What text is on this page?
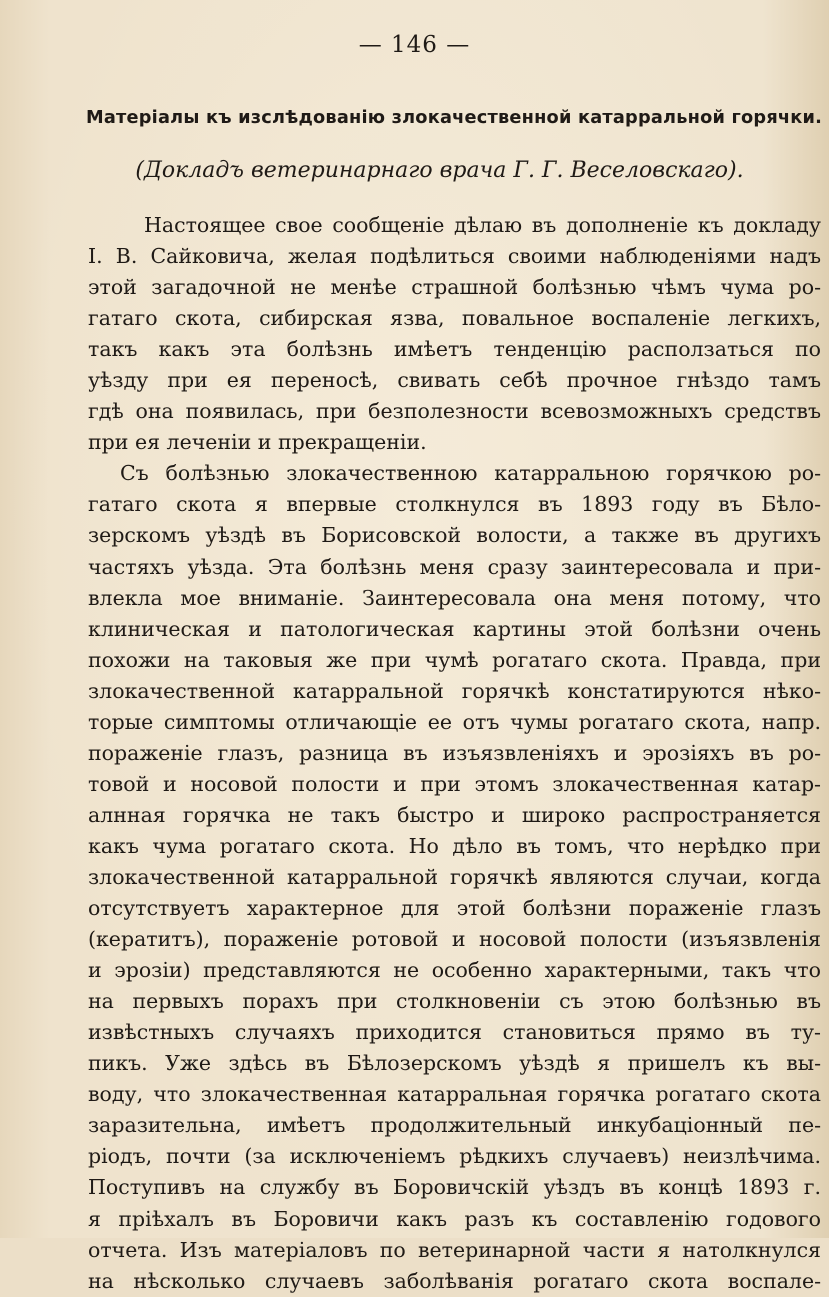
— 146 —
Матеріалы къ изслѣдованію злокачественной катарральной горячки.
(Докладъ ветеринарнаго врача Г. Г. Веселовскаго).
Настоящее свое сообщеніе дѣлаю въ дополненіе къ докладу
I. В. Сайковича, желая подѣлиться своими наблюденіями надъ
этой загадочной не менѣе страшной болѣзнью чѣмъ чума ро-
гатаго скота, сибирская язва, повальное воспаленіе легкихъ,
такъ какъ эта болѣзнь имѣетъ тенденцію расползаться по
уѣзду при ея переносѣ, свивать себѣ прочное гнѣздо тамъ
гдѣ она появилась, при безполезности всевозможныхъ средствъ
при ея леченіи и прекращеніи.
Съ болѣзнью злокачественною катарральною горячкою ро-
гатаго скота я впервые столкнулся въ 1893 году въ Бѣло-
зерскомъ уѣздѣ въ Борисовской волости, а также въ другихъ
частяхъ уѣзда. Эта болѣзнь меня сразу заинтересовала и при-
влекла мое вниманіе. Заинтересовала она меня потому, что
клиническая и патологическая картины этой болѣзни очень
похожи на таковыя же при чумѣ рогатаго скота. Правда, при
злокачественной катарральной горячкѣ констатируются нѣко-
торые симптомы отличающіе ее отъ чумы рогатаго скота, напр.
пораженіе глазъ, разница въ изъязвленіяхъ и эрозіяхъ въ ро-
товой и носовой полости и при этомъ злокачественная катар-
алнная горячка не такъ быстро и широко распространяется
какъ чума рогатаго скота. Но дѣло въ томъ, что нерѣдко при
злокачественной катарральной горячкѣ являются случаи, когда
отсутствуетъ характерное для этой болѣзни пораженіе глазъ
(кератитъ), пораженіе ротовой и носовой полости (изъязвленія
и эрозіи) представляются не особенно характерными, такъ что
на первыхъ порахъ при столкновеніи съ этою болѣзнью въ
извѣстныхъ случаяхъ приходится становиться прямо въ ту-
пикъ. Уже здѣсь въ Бѣлозерскомъ уѣздѣ я пришелъ къ вы-
воду, что злокачественная катарральная горячка рогатаго скота
заразительна, имѣетъ продолжительный инкубаціонный пе-
ріодъ, почти (за исключеніемъ рѣдкихъ случаевъ) неизлѣчима.
Поступивъ на службу въ Боровичскій уѣздъ въ концѣ 1893 г.
я пріѣхалъ въ Боровичи какъ разъ къ составленію годового
отчета. Изъ матеріаловъ по ветеринарной части я натолкнулся
на нѣсколько случаевъ заболѣванія рогатаго скота воспале-
